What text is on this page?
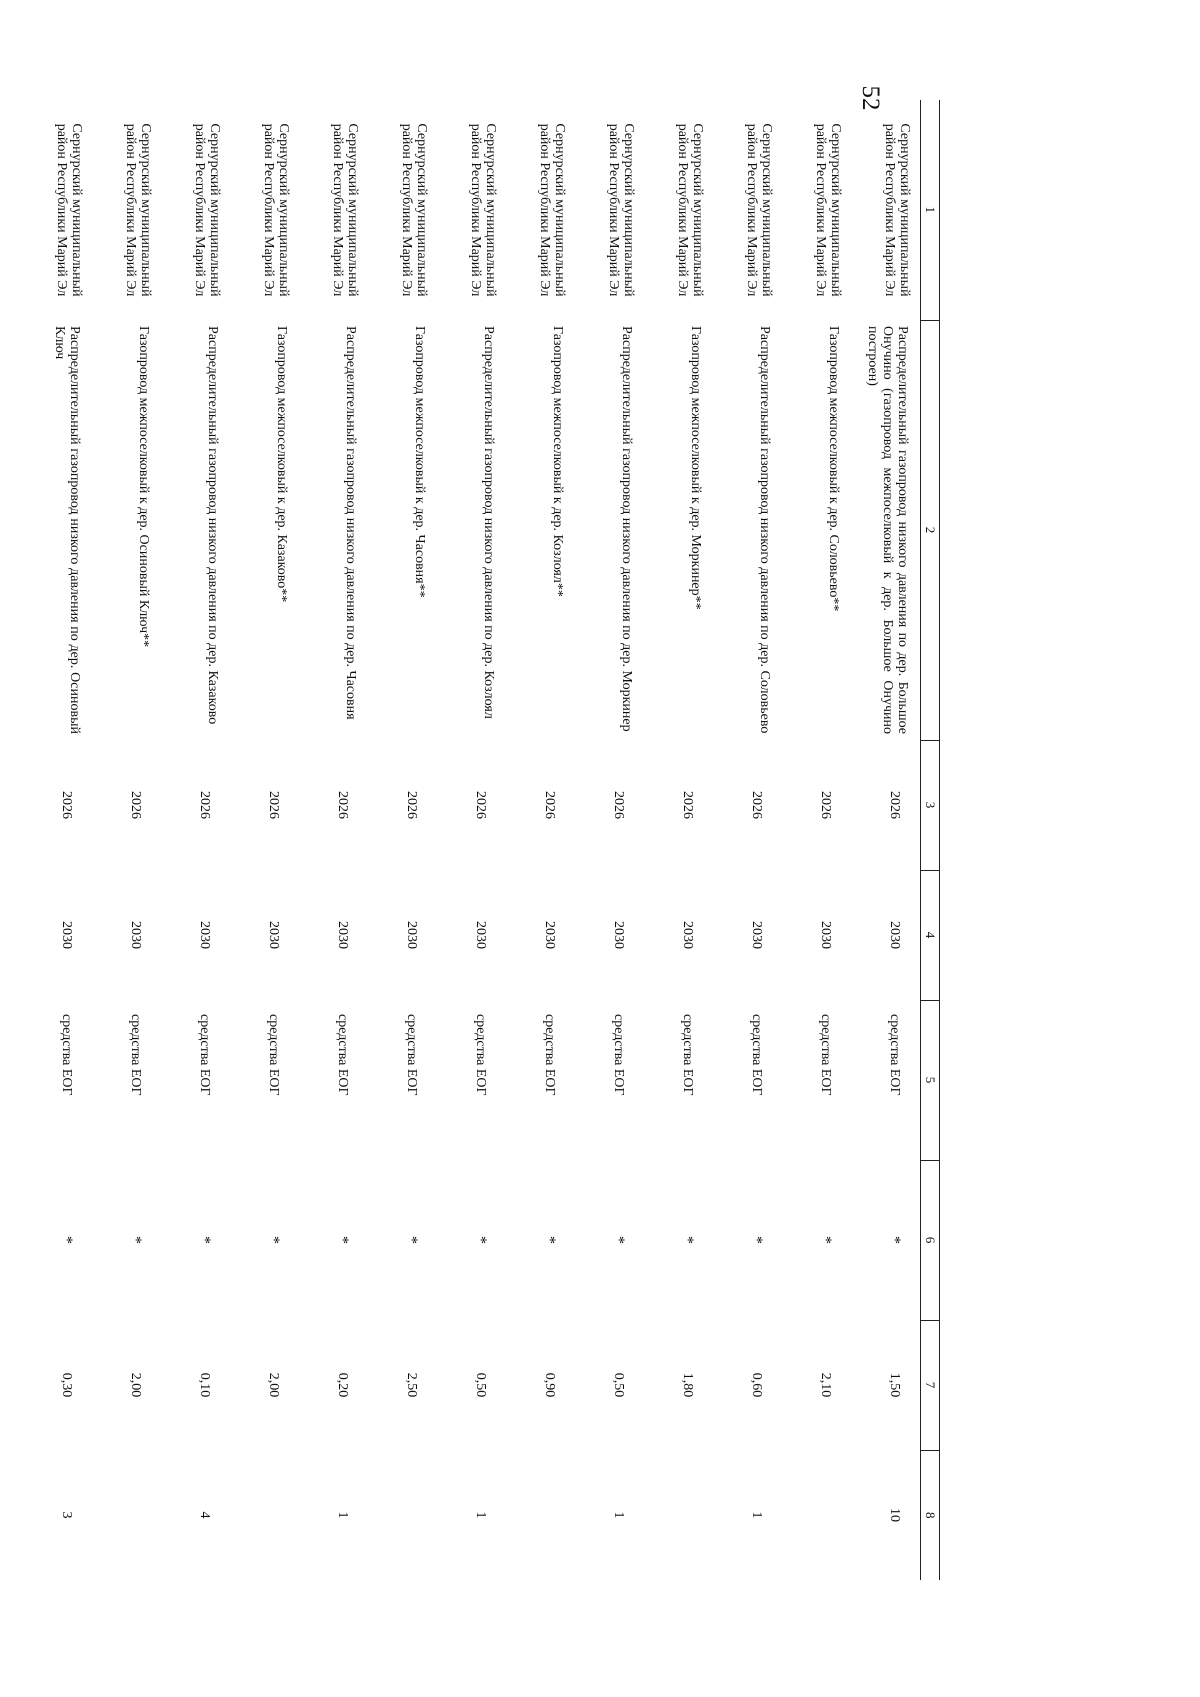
52
1	2	3	4	5	6	7	8
Сернурский муниципальный район Республики Марий Эл	Распределительный газопровод низкого давления по дер. Большое Онучино (газопровод межпоселковый к дер. Большое Онучино построен)	2026	2030	средства ЕОГ	*	1,50	10
Сернурский муниципальный район Республики Марий Эл	Газопровод межпоселковый к дер. Соловьево**	2026	2030	средства ЕОГ	*	2,10	
Сернурский муниципальный район Республики Марий Эл	Распределительный газопровод низкого давления по дер. Соловьево	2026	2030	средства ЕОГ	*	0,60	1
Сернурский муниципальный район Республики Марий Эл	Газопровод межпоселковый к дер. Моркинер**	2026	2030	средства ЕОГ	*	1,80	
Сернурский муниципальный район Республики Марий Эл	Распределительный газопровод низкого давления по дер. Моркинер	2026	2030	средства ЕОГ	*	0,50	1
Сернурский муниципальный район Республики Марий Эл	Газопровод межпоселковый к дер. Козлоял**	2026	2030	средства ЕОГ	*	0,90	
Сернурский муниципальный район Республики Марий Эл	Распределительный газопровод низкого давления по дер. Козлоял	2026	2030	средства ЕОГ	*	0,50	1
Сернурский муниципальный район Республики Марий Эл	Газопровод межпоселковый к дер. Часовня**	2026	2030	средства ЕОГ	*	2,50	
Сернурский муниципальный район Республики Марий Эл	Распределительный газопровод низкого давления по дер. Часовня	2026	2030	средства ЕОГ	*	0,20	1
Сернурский муниципальный район Республики Марий Эл	Газопровод межпоселковый к дер. Казаково**	2026	2030	средства ЕОГ	*	2,00	
Сернурский муниципальный район Республики Марий Эл	Распределительный газопровод низкого давления по дер. Казаково	2026	2030	средства ЕОГ	*	0,10	4
Сернурский муниципальный район Республики Марий Эл	Газопровод межпоселковый к дер. Осиновый Ключ**	2026	2030	средства ЕОГ	*	2,00	
Сернурский муниципальный район Республики Марий Эл	Распределительный газопровод низкого давления по дер. Осиновый Ключ	2026	2030	средства ЕОГ	*	0,30	3
